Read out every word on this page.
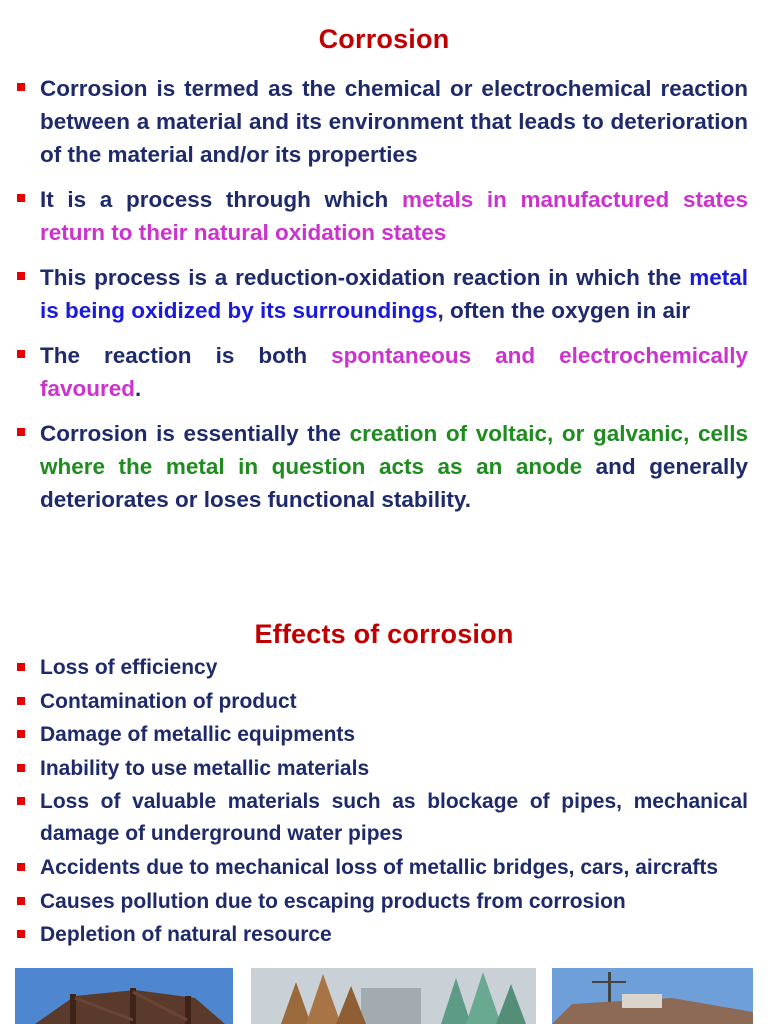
Corrosion
Corrosion is termed as the chemical or electrochemical reaction between a material and its environment that leads to deterioration of the material and/or its properties
It is a process through which metals in manufactured states return to their natural oxidation states
This process is a reduction-oxidation reaction in which the metal is being oxidized by its surroundings, often the oxygen in air
The reaction is both spontaneous and electrochemically favoured.
Corrosion is essentially the creation of voltaic, or galvanic, cells where the metal in question acts as an anode and generally deteriorates or loses functional stability.
Effects of corrosion
Loss of efficiency
Contamination of product
Damage of metallic equipments
Inability to use metallic materials
Loss of valuable materials such as blockage of pipes, mechanical damage of underground water pipes
Accidents due to mechanical loss of metallic bridges, cars, aircrafts
Causes pollution due to escaping products from corrosion
Depletion of natural resource
